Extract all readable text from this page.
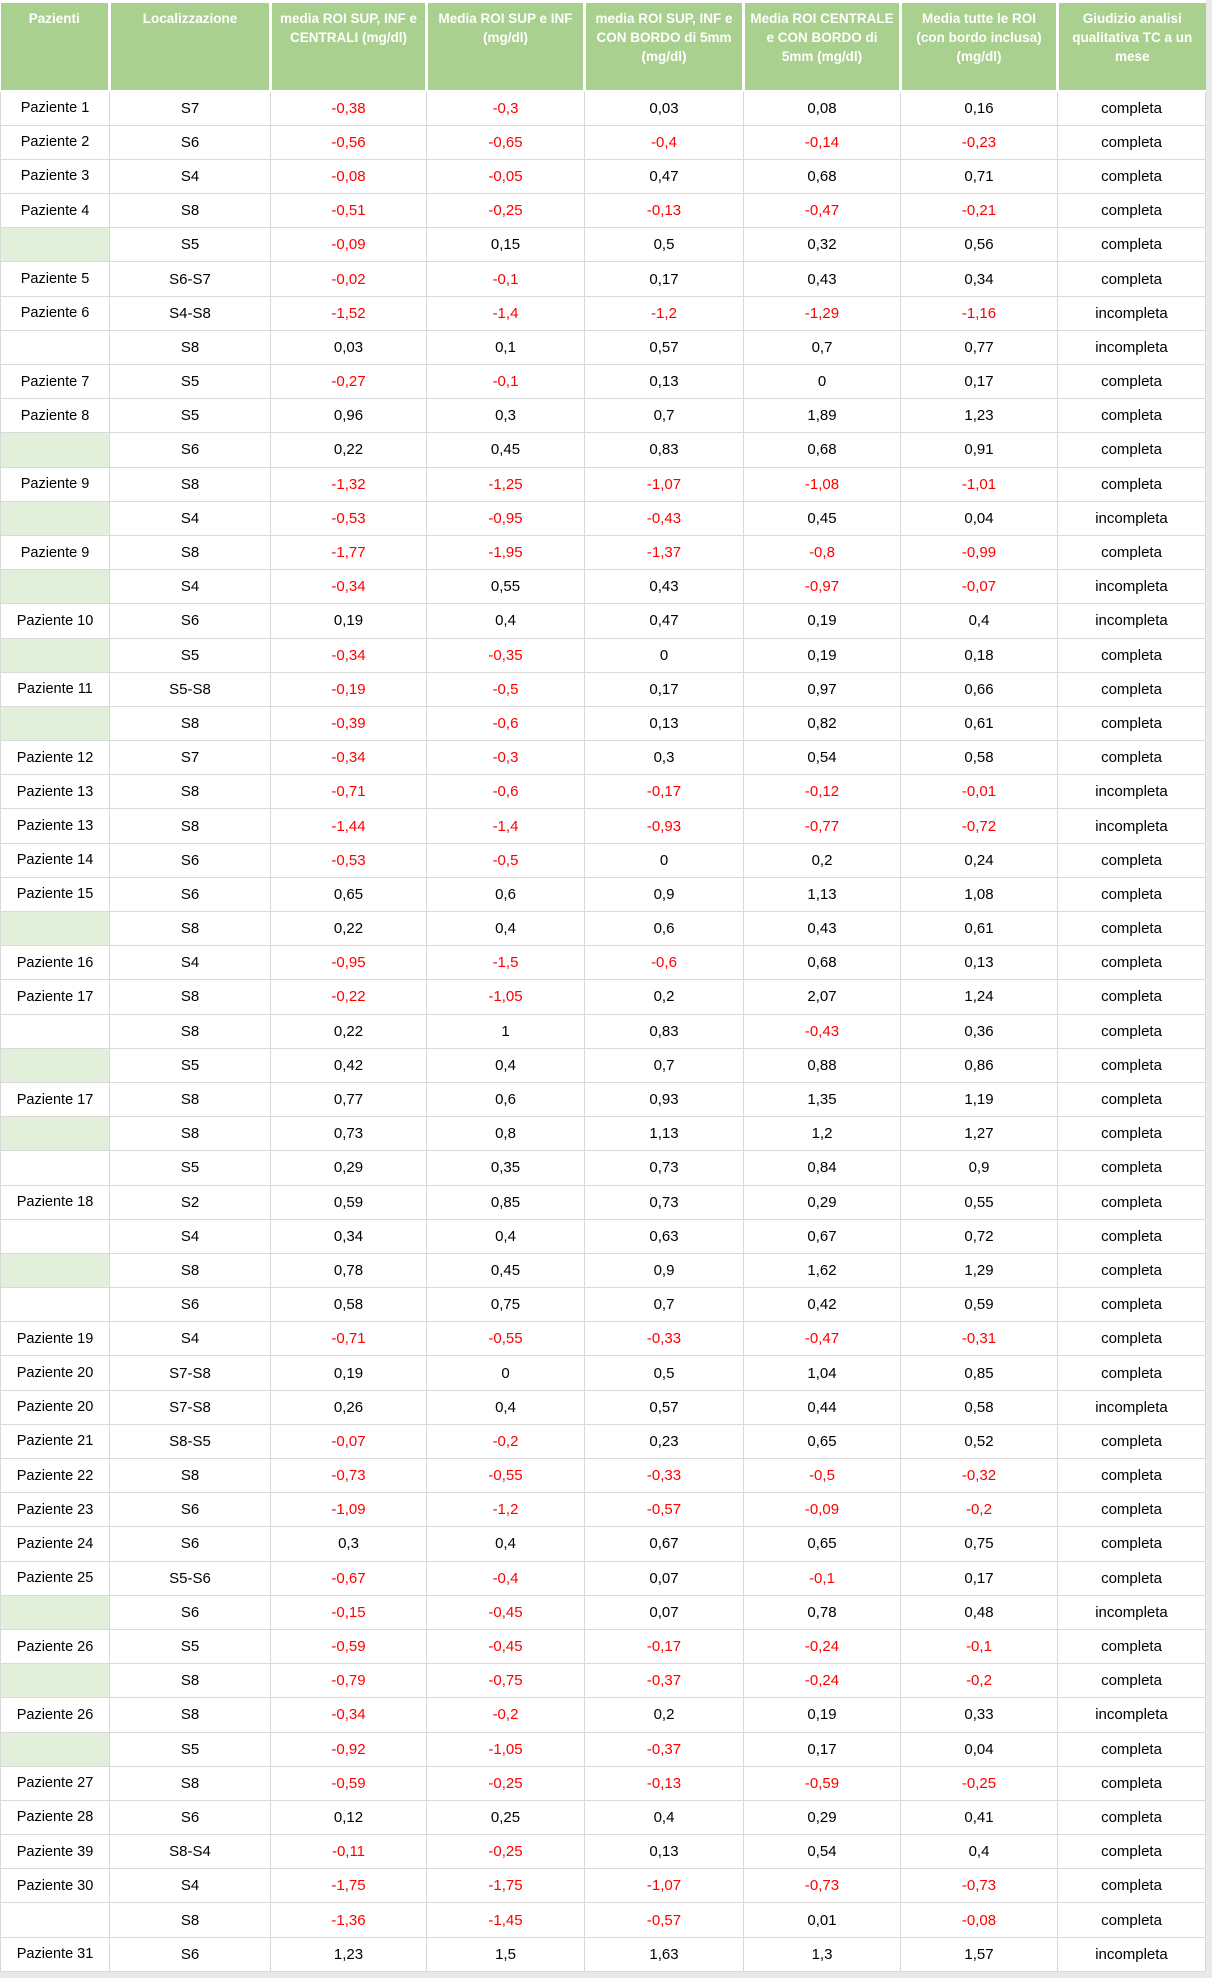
Pazienti	Localizzazione	media ROI SUP, INF e CENTRALI (mg/dl)	Media ROI SUP e INF (mg/dl)	media ROI SUP, INF e CON BORDO di 5mm (mg/dl)	Media ROI CENTRALE e CON BORDO di 5mm (mg/dl)	Media tutte le ROI (con bordo inclusa) (mg/dl)	Giudizio analisi qualitativa TC a un mese
Paziente 1	S7	-0,38	-0,3	0,03	0,08	0,16	completa
Paziente 2	S6	-0,56	-0,65	-0,4	-0,14	-0,23	completa
Paziente 3	S4	-0,08	-0,05	0,47	0,68	0,71	completa
Paziente 4	S8	-0,51	-0,25	-0,13	-0,47	-0,21	completa
	S5	-0,09	0,15	0,5	0,32	0,56	completa
Paziente 5	S6-S7	-0,02	-0,1	0,17	0,43	0,34	completa
Paziente 6	S4-S8	-1,52	-1,4	-1,2	-1,29	-1,16	incompleta
	S8	0,03	0,1	0,57	0,7	0,77	incompleta
Paziente 7	S5	-0,27	-0,1	0,13	0	0,17	completa
Paziente 8	S5	0,96	0,3	0,7	1,89	1,23	completa
	S6	0,22	0,45	0,83	0,68	0,91	completa
Paziente 9	S8	-1,32	-1,25	-1,07	-1,08	-1,01	completa
	S4	-0,53	-0,95	-0,43	0,45	0,04	incompleta
Paziente 9	S8	-1,77	-1,95	-1,37	-0,8	-0,99	completa
	S4	-0,34	0,55	0,43	-0,97	-0,07	incompleta
Paziente 10	S6	0,19	0,4	0,47	0,19	0,4	incompleta
	S5	-0,34	-0,35	0	0,19	0,18	completa
Paziente 11	S5-S8	-0,19	-0,5	0,17	0,97	0,66	completa
	S8	-0,39	-0,6	0,13	0,82	0,61	completa
Paziente 12	S7	-0,34	-0,3	0,3	0,54	0,58	completa
Paziente 13	S8	-0,71	-0,6	-0,17	-0,12	-0,01	incompleta
Paziente 13	S8	-1,44	-1,4	-0,93	-0,77	-0,72	incompleta
Paziente 14	S6	-0,53	-0,5	0	0,2	0,24	completa
Paziente 15	S6	0,65	0,6	0,9	1,13	1,08	completa
	S8	0,22	0,4	0,6	0,43	0,61	completa
Paziente 16	S4	-0,95	-1,5	-0,6	0,68	0,13	completa
Paziente 17	S8	-0,22	-1,05	0,2	2,07	1,24	completa
	S8	0,22	1	0,83	-0,43	0,36	completa
	S5	0,42	0,4	0,7	0,88	0,86	completa
Paziente 17	S8	0,77	0,6	0,93	1,35	1,19	completa
	S8	0,73	0,8	1,13	1,2	1,27	completa
	S5	0,29	0,35	0,73	0,84	0,9	completa
Paziente 18	S2	0,59	0,85	0,73	0,29	0,55	completa
	S4	0,34	0,4	0,63	0,67	0,72	completa
	S8	0,78	0,45	0,9	1,62	1,29	completa
	S6	0,58	0,75	0,7	0,42	0,59	completa
Paziente 19	S4	-0,71	-0,55	-0,33	-0,47	-0,31	completa
Paziente 20	S7-S8	0,19	0	0,5	1,04	0,85	completa
Paziente 20	S7-S8	0,26	0,4	0,57	0,44	0,58	incompleta
Paziente 21	S8-S5	-0,07	-0,2	0,23	0,65	0,52	completa
Paziente 22	S8	-0,73	-0,55	-0,33	-0,5	-0,32	completa
Paziente 23	S6	-1,09	-1,2	-0,57	-0,09	-0,2	completa
Paziente 24	S6	0,3	0,4	0,67	0,65	0,75	completa
Paziente 25	S5-S6	-0,67	-0,4	0,07	-0,1	0,17	completa
	S6	-0,15	-0,45	0,07	0,78	0,48	incompleta
Paziente 26	S5	-0,59	-0,45	-0,17	-0,24	-0,1	completa
	S8	-0,79	-0,75	-0,37	-0,24	-0,2	completa
Paziente 26	S8	-0,34	-0,2	0,2	0,19	0,33	incompleta
	S5	-0,92	-1,05	-0,37	0,17	0,04	completa
Paziente 27	S8	-0,59	-0,25	-0,13	-0,59	-0,25	completa
Paziente 28	S6	0,12	0,25	0,4	0,29	0,41	completa
Paziente 39	S8-S4	-0,11	-0,25	0,13	0,54	0,4	completa
Paziente 30	S4	-1,75	-1,75	-1,07	-0,73	-0,73	completa
	S8	-1,36	-1,45	-0,57	0,01	-0,08	completa
Paziente 31	S6	1,23	1,5	1,63	1,3	1,57	incompleta
